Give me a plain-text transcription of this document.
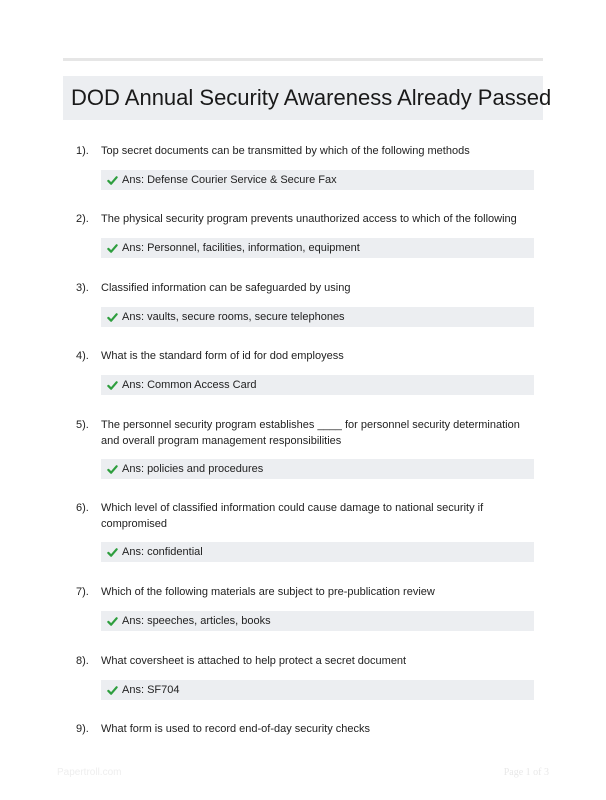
DOD Annual Security Awareness Already Passed
1). Top secret documents can be transmitted by which of the following methods
Ans: Defense Courier Service & Secure Fax
2). The physical security program prevents unauthorized access to which of the following
Ans: Personnel, facilities, information, equipment
3). Classified information can be safeguarded by using
Ans: vaults, secure rooms, secure telephones
4). What is the standard form of id for dod employess
Ans: Common Access Card
5). The personnel security program establishes ____ for personnel security determination and overall program management responsibilities
Ans: policies and procedures
6). Which level of classified information could cause damage to national security if compromised
Ans: confidential
7). Which of the following materials are subject to pre-publication review
Ans: speeches, articles, books
8). What coversheet is attached to help protect a secret document
Ans: SF704
9). What form is used to record end-of-day security checks
Papertroll.com	Page 1 of 3
